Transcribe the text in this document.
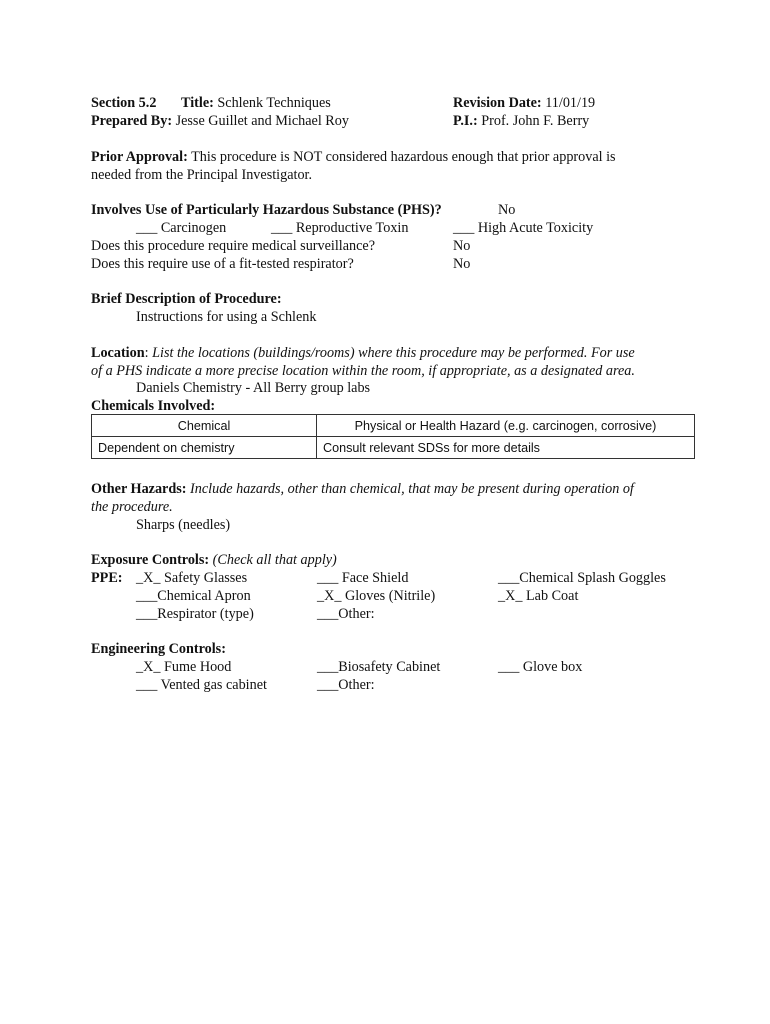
Section 5.2 Title: Schlenk Techniques	Revision Date: 11/01/19
Prepared By: Jesse Guillet and Michael Roy	P.I.: Prof. John F. Berry
Prior Approval: This procedure is NOT considered hazardous enough that prior approval is
needed from the Principal Investigator.
Involves Use of Particularly Hazardous Substance (PHS)?	No
___ Carcinogen	___ Reproductive Toxin	___ High Acute Toxicity
Does this procedure require medical surveillance?	No
Does this require use of a fit-tested respirator?	No
Brief Description of Procedure:
Instructions for using a Schlenk
Location: List the locations (buildings/rooms) where this procedure may be performed. For use
of a PHS indicate a more precise location within the room, if appropriate, as a designated area.
Daniels Chemistry - All Berry group labs
Chemicals Involved:
Chemical	Physical or Health Hazard (e.g. carcinogen, corrosive)
Dependent on chemistry	Consult relevant SDSs for more details
Other Hazards: Include hazards, other than chemical, that may be present during operation of
the procedure.
Sharps (needles)
Exposure Controls: (Check all that apply)
PPE: _X_ Safety Glasses	___ Face Shield	___Chemical Splash Goggles
___Chemical Apron	_X_ Gloves (Nitrile)	_X_ Lab Coat
___Respirator (type)	___Other:
Engineering Controls:
_X_ Fume Hood	___Biosafety Cabinet	___ Glove box
___ Vented gas cabinet	___Other:
